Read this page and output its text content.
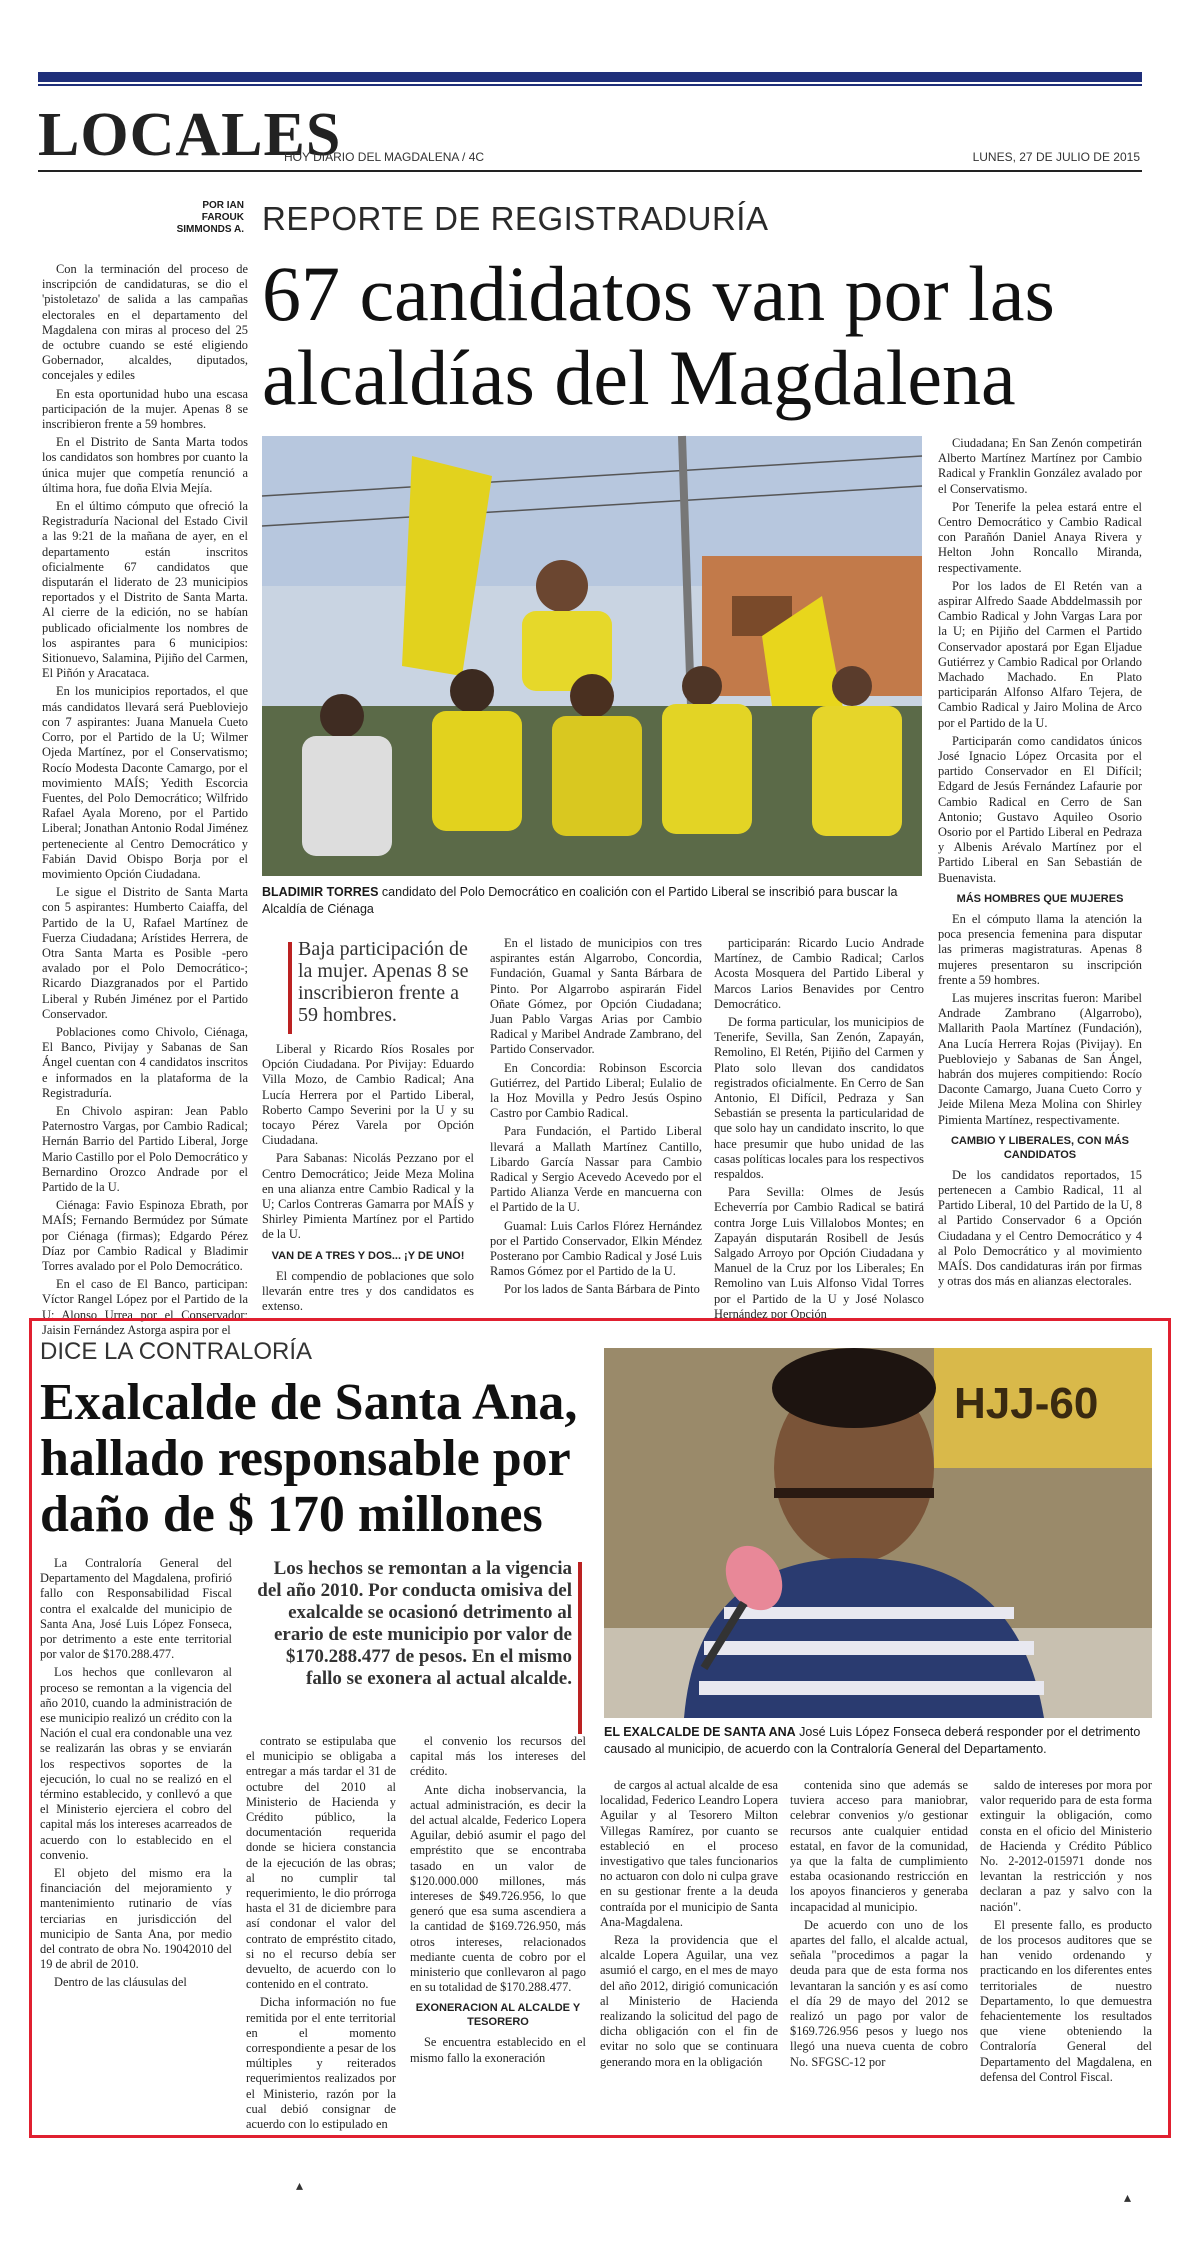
LOCALES
HOY DIARIO DEL MAGDALENA / 4C	LUNES, 27 DE JULIO DE 2015
POR IAN FAROUK SIMMONDS A. REPORTE DE REGISTRADURÍA
67 candidatos van por las alcaldías del Magdalena

Con la terminación del proceso de inscripción de candidaturas, se dio el 'pistoletazo' de salida a las campañas electorales en el departamento del Magdalena con miras al proceso del 25 de octubre cuando se esté eligiendo Gobernador, alcaldes, diputados, concejales y ediles

En esta oportunidad hubo una escasa participación de la mujer. Apenas 8 se inscribieron frente a 59 hombres.

En el Distrito de Santa Marta todos los candidatos son hombres por cuanto la única mujer que competía renunció a última hora, fue doña Elvia Mejía.

En el último cómputo que ofreció la Registraduría Nacional del Estado Civil a las 9:21 de la mañana de ayer, en el departamento están inscritos oficialmente 67 candidatos que disputarán el liderato de 23 municipios reportados y el Distrito de Santa Marta. Al cierre de la edición, no se habían publicado oficialmente los nombres de los aspirantes para 6 municipios: Sitionuevo, Salamina, Pijiño del Carmen, El Piñón y Aracataca.

En los municipios reportados, el que más candidatos llevará será Puebloviejo con 7 aspirantes: Juana Manuela Cueto Corro, por el Partido de la U; Wilmer Ojeda Martínez, por el Conservatismo; Rocío Modesta Daconte Camargo, por el movimiento MAÍS; Yedith Escorcia Fuentes, del Polo Democrático; Wilfrido Rafael Ayala Moreno, por el Partido Liberal; Jonathan Antonio Rodal Jiménez perteneciente al Centro Democrático y Fabián David Obispo Borja por el movimiento Opción Ciudadana.

Le sigue el Distrito de Santa Marta con 5 aspirantes: Humberto Caiaffa, del Partido de la U, Rafael Martínez de Fuerza Ciudadana; Arístides Herrera, de Otra Santa Marta es Posible -pero avalado por el Polo Democrático-; Ricardo Diazgranados por el Partido Liberal y Rubén Jiménez por el Partido Conservador.

Poblaciones como Chivolo, Ciénaga, El Banco, Pivijay y Sabanas de San Ángel cuentan con 4 candidatos inscritos e informados en la plataforma de la Registraduría.

En Chivolo aspiran: Jean Pablo Paternostro Vargas, por Cambio Radical; Hernán Barrio del Partido Liberal, Jorge Mario Castillo por el Polo Democrático y Bernardino Orozco Andrade por el Partido de la U.

Ciénaga: Favio Espinoza Ebrath, por MAÍS; Fernando Bermúdez por Súmate por Ciénaga (firmas); Edgardo Pérez Díaz por Cambio Radical y Bladimir Torres avalado por el Polo Democrático.

En el caso de El Banco, participan: Víctor Rangel López por el Partido de la U; Alonso Urrea por el Conservador; Jaisin Fernández Astorga aspira por el

BLADIMIR TORRES candidato del Polo Democrático en coalición con el Partido Liberal se inscribió para buscar la Alcaldía de Ciénaga
Baja participación de la mujer. Apenas 8 se inscribieron frente a 59 hombres.

Liberal y Ricardo Ríos Rosales por Opción Ciudadana. Por Pivijay: Eduardo Villa Mozo, de Cambio Radical; Ana Lucía Herrera por el Partido Liberal, Roberto Campo Severini por la U y su tocayo Pérez Varela por Opción Ciudadana.

Para Sabanas: Nicolás Pezzano por el Centro Democrático; Jeide Meza Molina en una alianza entre Cambio Radical y la U; Carlos Contreras Gamarra por MAÍS y Shirley Pimienta Martínez por el Partido de la U.

VAN DE A TRES Y DOS... ¡Y DE UNO!

El compendio de poblaciones que solo llevarán entre tres y dos candidatos es extenso.

En el listado de municipios con tres aspirantes están Algarrobo, Concordia, Fundación, Guamal y Santa Bárbara de Pinto. Por Algarrobo aspirarán Fidel Oñate Gómez, por Opción Ciudadana; Juan Pablo Vargas Arias por Cambio Radical y Maribel Andrade Zambrano, del Partido Conservador.

En Concordia: Robinson Escorcia Gutiérrez, del Partido Liberal; Eulalio de la Hoz Movilla y Pedro Jesús Ospino Castro por Cambio Radical.

Para Fundación, el Partido Liberal llevará a Mallath Martínez Cantillo, Libardo García Nassar para Cambio Radical y Sergio Acevedo Acevedo por el Partido Alianza Verde en mancuerna con el Partido de la U.

Guamal: Luis Carlos Flórez Hernández por el Partido Conservador, Elkin Méndez Posterano por Cambio Radical y José Luis Ramos Gómez por el Partido de la U.

Por los lados de Santa Bárbara de Pinto

participarán: Ricardo Lucio Andrade Martínez, de Cambio Radical; Carlos Acosta Mosquera del Partido Liberal y Marcos Larios Benavides por Centro Democrático.

De forma particular, los municipios de Tenerife, Sevilla, San Zenón, Zapayán, Remolino, El Retén, Pijiño del Carmen y Plato solo llevan dos candidatos registrados oficialmente. En Cerro de San Antonio, El Difícil, Pedraza y San Sebastián se presenta la particularidad de que solo hay un candidato inscrito, lo que hace presumir que hubo unidad de las casas políticas locales para los respectivos respaldos.

Para Sevilla: Olmes de Jesús Echeverría por Cambio Radical se batirá contra Jorge Luis Villalobos Montes; en Zapayán disputarán Rosibell de Jesús Salgado Arroyo por Opción Ciudadana y Manuel de la Cruz por los Liberales; En Remolino van Luis Alfonso Vidal Torres por el Partido de la U y José Nolasco Hernández por Opción

Ciudadana; En San Zenón competirán Alberto Martínez Martínez por Cambio Radical y Franklin González avalado por el Conservatismo.

Por Tenerife la pelea estará entre el Centro Democrático y Cambio Radical con Parañón Daniel Anaya Rivera y Helton John Roncallo Miranda, respectivamente.

Por los lados de El Retén van a aspirar Alfredo Saade Abddelmassih por Cambio Radical y John Vargas Lara por la U; en Pijiño del Carmen el Partido Conservador apostará por Egan Eljadue Gutiérrez y Cambio Radical por Orlando Machado Machado. En Plato participarán Alfonso Alfaro Tejera, de Cambio Radical y Jairo Molina de Arco por el Partido de la U.

Participarán como candidatos únicos José Ignacio López Orcasita por el partido Conservador en El Difícil; Edgard de Jesús Fernández Lafaurie por Cambio Radical en Cerro de San Antonio; Gustavo Aquileo Osorio Osorio por el Partido Liberal en Pedraza y Albenis Arévalo Martínez por el Partido Liberal en San Sebastián de Buenavista.

MÁS HOMBRES QUE MUJERES

En el cómputo llama la atención la poca presencia femenina para disputar las primeras magistraturas. Apenas 8 mujeres presentaron su inscripción frente a 59 hombres.

Las mujeres inscritas fueron: Maribel Andrade Zambrano (Algarrobo), Mallarith Paola Martínez (Fundación), Ana Lucía Herrera Rojas (Pivijay). En Puebloviejo y Sabanas de San Ángel, habrán dos mujeres compitiendo: Rocío Daconte Camargo, Juana Cueto Corro y Jeide Milena Meza Molina con Shirley Pimienta Martínez, respectivamente.

CAMBIO Y LIBERALES, CON MÁS CANDIDATOS

De los candidatos reportados, 15 pertenecen a Cambio Radical, 11 al Partido Liberal, 10 del Partido de la U, 8 al Partido Conservador 6 a Opción Ciudadana y el Centro Democrático y 4 al Polo Democrático y al movimiento MAÍS. Dos candidaturas irán por firmas y otras dos más en alianzas electorales.

DICE LA CONTRALORÍA
Exalcalde de Santa Ana, hallado responsable por daño de $ 170 millones
HJJ-60
EL EXALCALDE DE SANTA ANA José Luis López Fonseca deberá responder por el detrimento causado al municipio, de acuerdo con la Contraloría General del Departamento.
Los hechos se remontan a la vigencia del año 2010. Por conducta omisiva del exalcalde se ocasionó detrimento al erario de este municipio por valor de $170.288.477 de pesos. En el mismo fallo se exonera al actual alcalde.

La Contraloría General del Departamento del Magdalena, profirió fallo con Responsabilidad Fiscal contra el exalcalde del municipio de Santa Ana, José Luis López Fonseca, por detrimento a este ente territorial por valor de $170.288.477.

Los hechos que conllevaron al proceso se remontan a la vigencia del año 2010, cuando la administración de ese municipio realizó un crédito con la Nación el cual era condonable una vez se realizarán las obras y se enviarán los respectivos soportes de la ejecución, lo cual no se realizó en el término establecido, y conllevó a que el Ministerio ejerciera el cobro del capital más los intereses acarreados de acuerdo con lo establecido en el convenio.

El objeto del mismo era la financiación del mejoramiento y mantenimiento rutinario de vías terciarias en jurisdicción del municipio de Santa Ana, por medio del contrato de obra No. 19042010 del 19 de abril de 2010.

Dentro de las cláusulas del

contrato se estipulaba que el municipio se obligaba a entregar a más tardar el 31 de octubre del 2010 al Ministerio de Hacienda y Crédito público, la documentación requerida donde se hiciera constancia de la ejecución de las obras; al no cumplir tal requerimiento, le dio prórroga hasta el 31 de diciembre para así condonar el valor del contrato de empréstito citado, si no el recurso debía ser devuelto, de acuerdo con lo contenido en el contrato.

Dicha información no fue remitida por el ente territorial en el momento correspondiente a pesar de los múltiples y reiterados requerimientos realizados por el Ministerio, razón por la cual debió consignar de acuerdo con lo estipulado en

el convenio los recursos del capital más los intereses del crédito.

Ante dicha inobservancia, la actual administración, es decir la del actual alcalde, Federico Lopera Aguilar, debió asumir el pago del empréstito que se encontraba tasado en un valor de $120.000.000 millones, más intereses de $49.726.956, lo que generó que esa suma ascendiera a la cantidad de $169.726.950, más otros intereses, relacionados mediante cuenta de cobro por el ministerio que conllevaron al pago en su totalidad de $170.288.477.

EXONERACION AL ALCALDE Y TESORERO

Se encuentra establecido en el mismo fallo la exoneración

de cargos al actual alcalde de esa localidad, Federico Leandro Lopera Aguilar y al Tesorero Milton Villegas Ramírez, por cuanto se estableció en el proceso investigativo que tales funcionarios no actuaron con dolo ni culpa grave en su gestionar frente a la deuda contraída por el municipio de Santa Ana-Magdalena.

Reza la providencia que el alcalde Lopera Aguilar, una vez asumió el cargo, en el mes de mayo del año 2012, dirigió comunicación al Ministerio de Hacienda realizando la solicitud del pago de dicha obligación con el fin de evitar no solo que se continuara generando mora en la obligación

contenida sino que además se tuviera acceso para maniobrar, celebrar convenios y/o gestionar recursos ante cualquier entidad estatal, en favor de la comunidad, ya que la falta de cumplimiento estaba ocasionando restricción en los apoyos financieros y generaba incapacidad al municipio.

De acuerdo con uno de los apartes del fallo, el alcalde actual, señala "procedimos a pagar la deuda para que de esta forma nos levantaran la sanción y es así como el día 29 de mayo del 2012 se realizó un pago por valor de $169.726.956 pesos y luego nos llegó una nueva cuenta de cobro No. SFGSC-12 por

saldo de intereses por mora por valor requerido para de esta forma extinguir la obligación, como consta en el oficio del Ministerio de Hacienda y Crédito Público No. 2-2012-015971 donde nos levantan la restricción y nos declaran a paz y salvo con la nación".

El presente fallo, es producto de los procesos auditores que se han venido ordenando y practicando en los diferentes entes territoriales de nuestro Departamento, lo que demuestra fehacientemente los resultados que viene obteniendo la Contraloría General del Departamento del Magdalena, en defensa del Control Fiscal.

▴
▴
